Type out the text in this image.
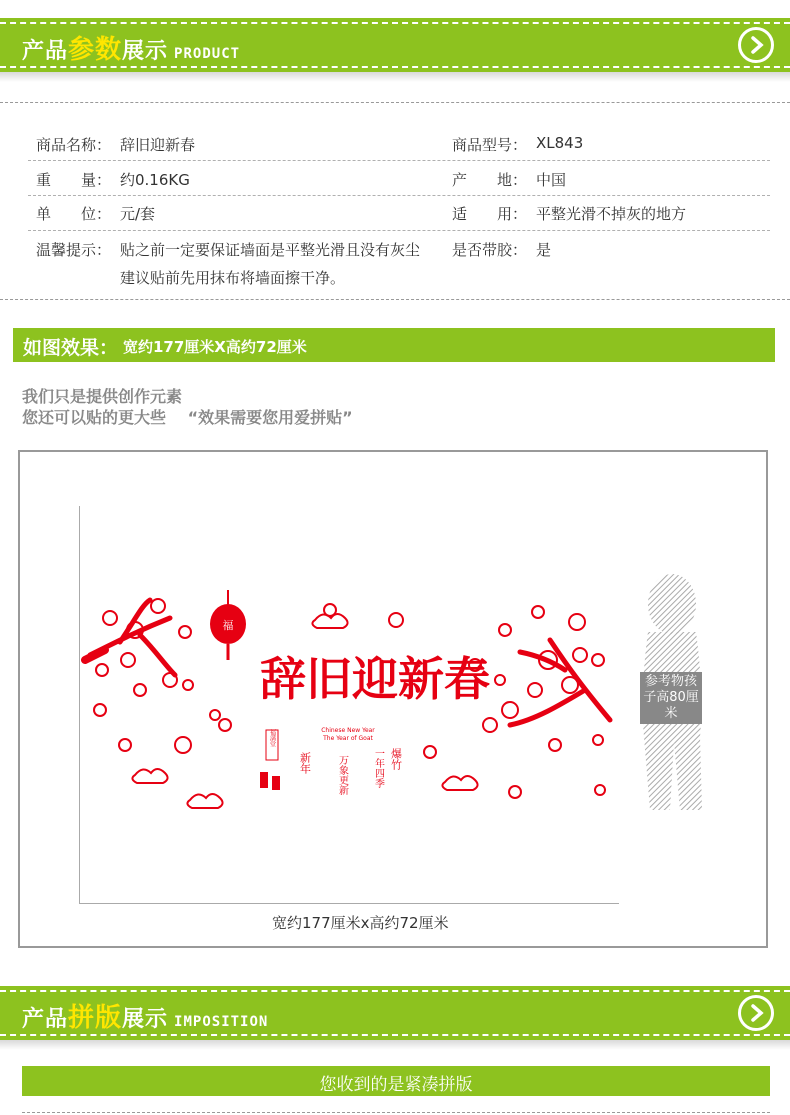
产品参数展示 PRODUCT
商品名称： 辞旧迎新春	商品型号： XL843
重　　量： 约0.16KG	产　　地： 中国
单　　位： 元/套	适　　用： 平整光滑不掉灰的地方
温馨提示： 贴之前一定要保证墙面是平整光滑且没有灰尘 是否带胶： 是
建议贴前先用抹布将墙面擦干净。
如图效果： 宽约177厘米X高约72厘米
我们只是提供创作元素
您还可以贴的更大些　 “效果需要您用爱拼贴”
福
辞旧迎新春
Chinese New Year
The Year of Goat
福满堂
新年	万象更新	一年四季 爆竹
参考物孩子高80厘米
宽约177厘米x高约72厘米
产品拼版展示 IMPOSITION
您收到的是紧凑拼版
